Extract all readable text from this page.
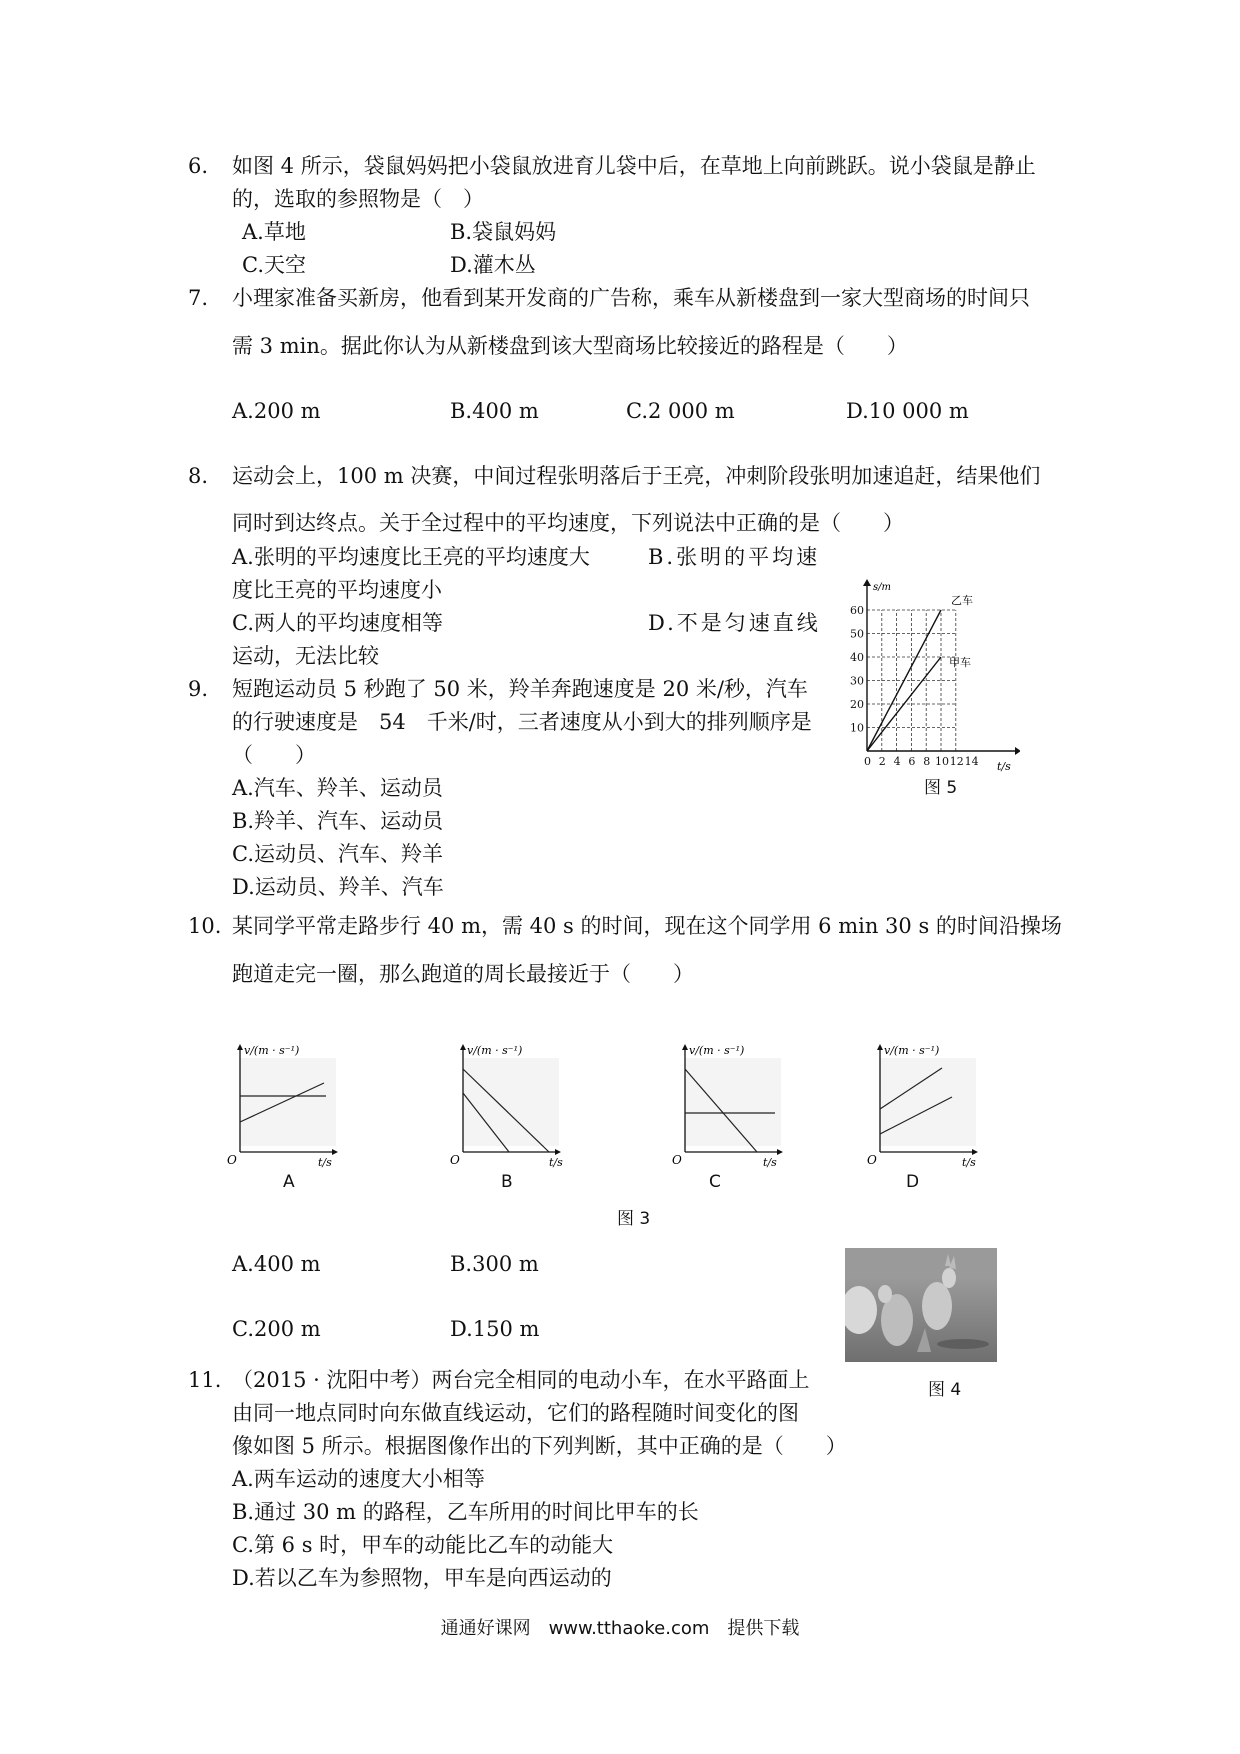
6. 如图 4 所示，袋鼠妈妈把小袋鼠放进育儿袋中后，在草地上向前跳跃。说小袋鼠是静止
的，选取的参照物是（　）
A.草地	B.袋鼠妈妈
C.天空	D.灌木丛
7. 小理家准备买新房，他看到某开发商的广告称，乘车从新楼盘到一家大型商场的时间只
需 3 min。据此你认为从新楼盘到该大型商场比较接近的路程是（　　）
A.200 m	B.400 m	C.2 000 m	D.10 000 m
8. 运动会上，100 m 决赛，中间过程张明落后于王亮，冲刺阶段张明加速追赶，结果他们
同时到达终点。关于全过程中的平均速度，下列说法中正确的是（　　）
A.张明的平均速度比王亮的平均速度大	B.张明的平均速
度比王亮的平均速度小
C.两人的平均速度相等	D.不是匀速直线
运动，无法比较
9. 短跑运动员 5 秒跑了 50 米，羚羊奔跑速度是 20 米/秒，汽车
的行驶速度是　54　千米/时，三者速度从小到大的排列顺序是
（　　）
A.汽车、羚羊、运动员
B.羚羊、汽车、运动员
C.运动员、汽车、羚羊
D.运动员、羚羊、汽车
0 2 4 6 8 10 12 14
10
20
30
40
50
60
s/m
t/s
乙车
甲车
图 5
10. 某同学平常走路步行 40 m，需 40 s 的时间，现在这个同学用 6 min 30 s 的时间沿操场
跑道走完一圈，那么跑道的周长最接近于（　　）
v/(m · s⁻¹)
O	t/s
v/(m · s⁻¹)
O	t/s
v/(m · s⁻¹)
O	t/s
v/(m · s⁻¹)
O	t/s
A	B	C	D
图 3
A.400 m	B.300 m
C.200 m	D.150 m
图 4
11. （2015 · 沈阳中考）两台完全相同的电动小车，在水平路面上
由同一地点同时向东做直线运动，它们的路程随时间变化的图
像如图 5 所示。根据图像作出的下列判断，其中正确的是（　　）
A.两车运动的速度大小相等
B.通过 30 m 的路程，乙车所用的时间比甲车的长
C.第 6 s 时，甲车的动能比乙车的动能大
D.若以乙车为参照物，甲车是向西运动的
通通好课网　www.tthaoke.com　提供下载
